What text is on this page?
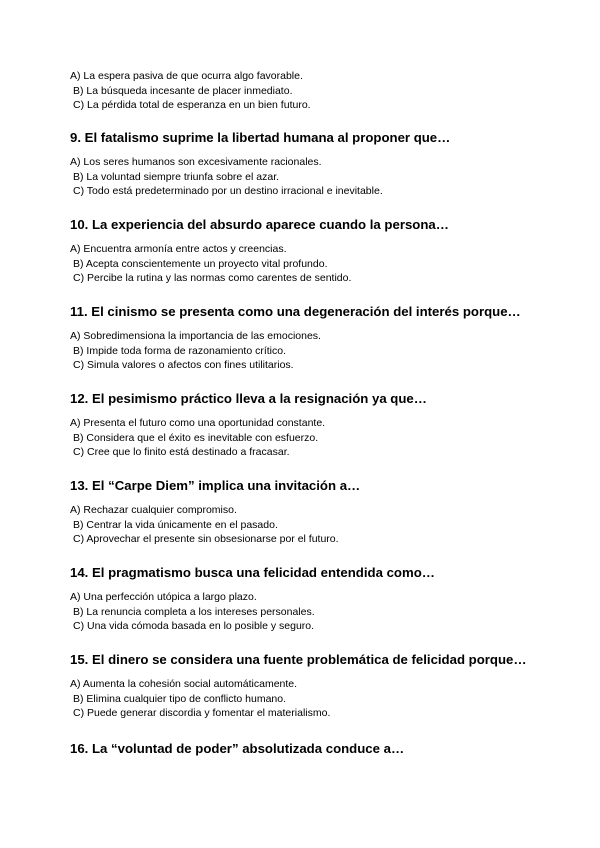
A) La espera pasiva de que ocurra algo favorable.
B) La búsqueda incesante de placer inmediato.
C) La pérdida total de esperanza en un bien futuro.
9. El fatalismo suprime la libertad humana al proponer que…
A) Los seres humanos son excesivamente racionales.
B) La voluntad siempre triunfa sobre el azar.
C) Todo está predeterminado por un destino irracional e inevitable.
10. La experiencia del absurdo aparece cuando la persona…
A) Encuentra armonía entre actos y creencias.
B) Acepta conscientemente un proyecto vital profundo.
C) Percibe la rutina y las normas como carentes de sentido.
11. El cinismo se presenta como una degeneración del interés porque…
A) Sobredimensiona la importancia de las emociones.
B) Impide toda forma de razonamiento crítico.
C) Simula valores o afectos con fines utilitarios.
12. El pesimismo práctico lleva a la resignación ya que…
A) Presenta el futuro como una oportunidad constante.
B) Considera que el éxito es inevitable con esfuerzo.
C) Cree que lo finito está destinado a fracasar.
13. El “Carpe Diem” implica una invitación a…
A) Rechazar cualquier compromiso.
B) Centrar la vida únicamente en el pasado.
C) Aprovechar el presente sin obsesionarse por el futuro.
14. El pragmatismo busca una felicidad entendida como…
A) Una perfección utópica a largo plazo.
B) La renuncia completa a los intereses personales.
C) Una vida cómoda basada en lo posible y seguro.
15. El dinero se considera una fuente problemática de felicidad porque…
A) Aumenta la cohesión social automáticamente.
B) Elimina cualquier tipo de conflicto humano.
C) Puede generar discordia y fomentar el materialismo.
16. La “voluntad de poder” absolutizada conduce a…
